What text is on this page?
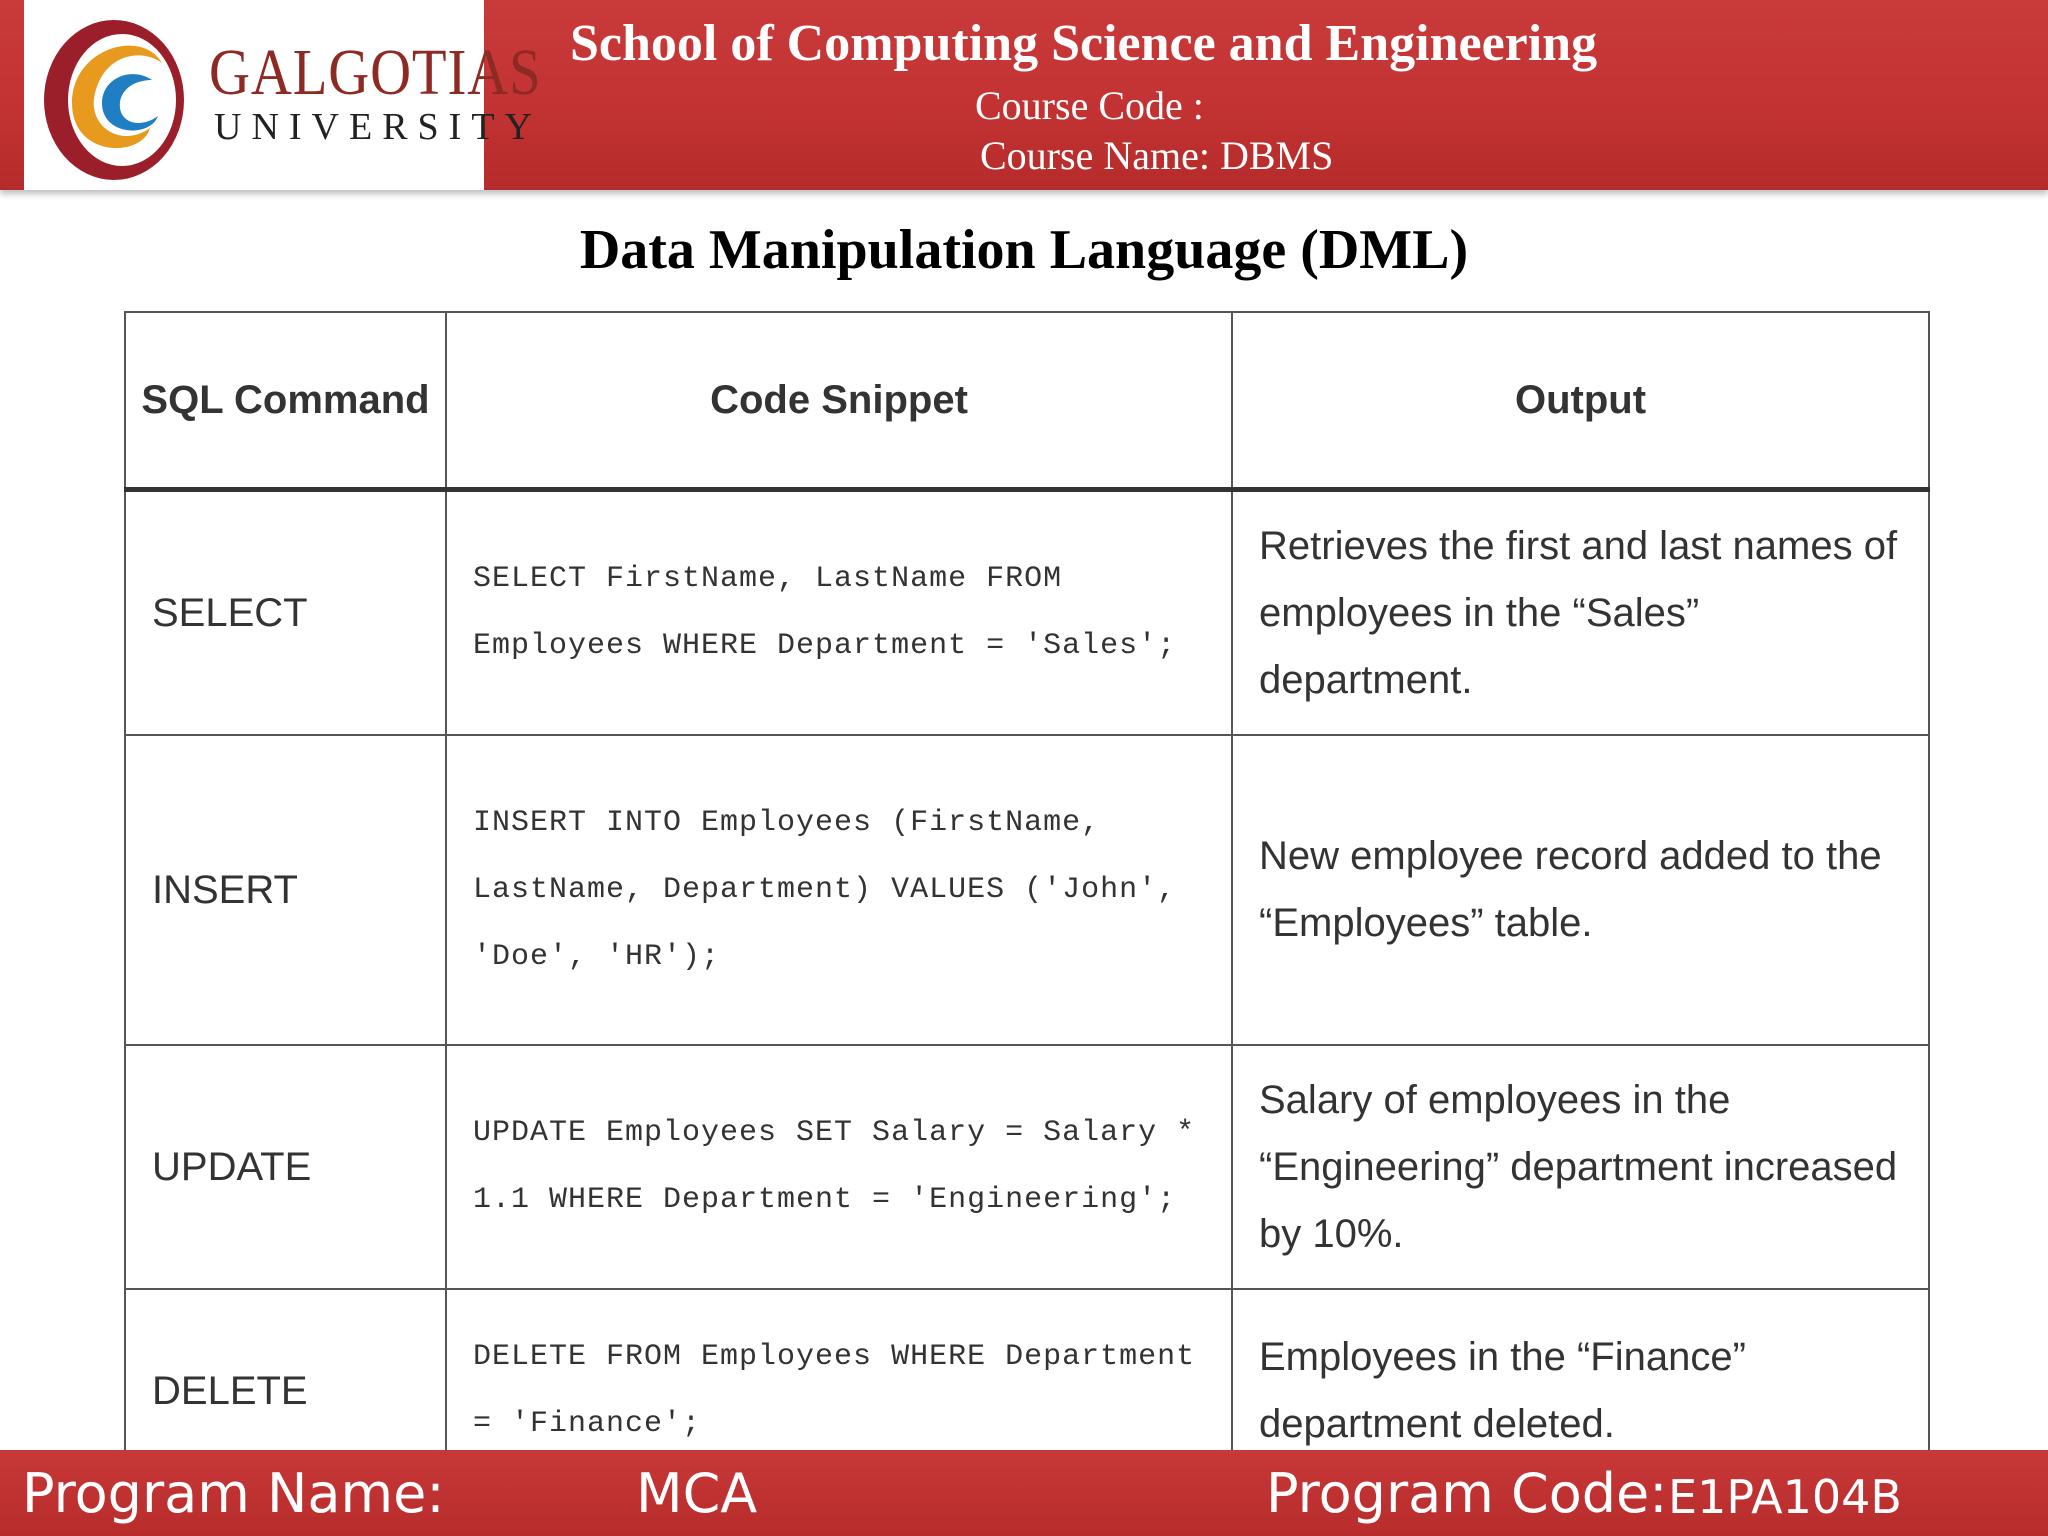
GALGOTIAS
UNIVERSITY
School of Computing Science and Engineering
Course Code :
Course Name: DBMS
Data Manipulation Language (DML)
SQL Command	Code Snippet	Output
SELECT	SELECT FirstName, LastName FROM Employees WHERE Department = 'Sales';	Retrieves the first and last names of employees in the “Sales” department.
INSERT	INSERT INTO Employees (FirstName, LastName, Department) VALUES ('John', 'Doe', 'HR');	New employee record added to the “Employees” table.
UPDATE	UPDATE Employees SET Salary = Salary * 1.1 WHERE Department = 'Engineering';	Salary of employees in the “Engineering” department increased by 10%.
DELETE	DELETE FROM Employees WHERE Department = 'Finance';	Employees in the “Finance” department deleted.
Program Name:	MCA	Program Code: E1PA104B
